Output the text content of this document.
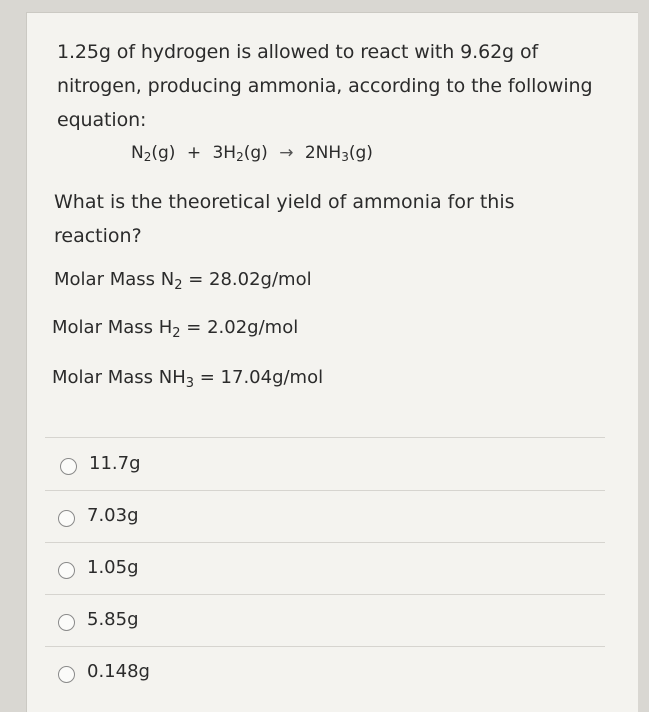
1.25g of hydrogen is allowed to react with 9.62g of nitrogen, producing ammonia, according to the following equation:
$N_2(g) + 3H_2(g) \to 2NH_3(g)$
What is the theoretical yield of ammonia for this reaction?
Molar Mass $N_2 = 28.02g/mol$
Molar Mass $H_2 = 2.02g/mol$
Molar Mass $NH_3 = 17.04g/mol$
11.7g
7.03g
1.05g
5.85g
0.148g
